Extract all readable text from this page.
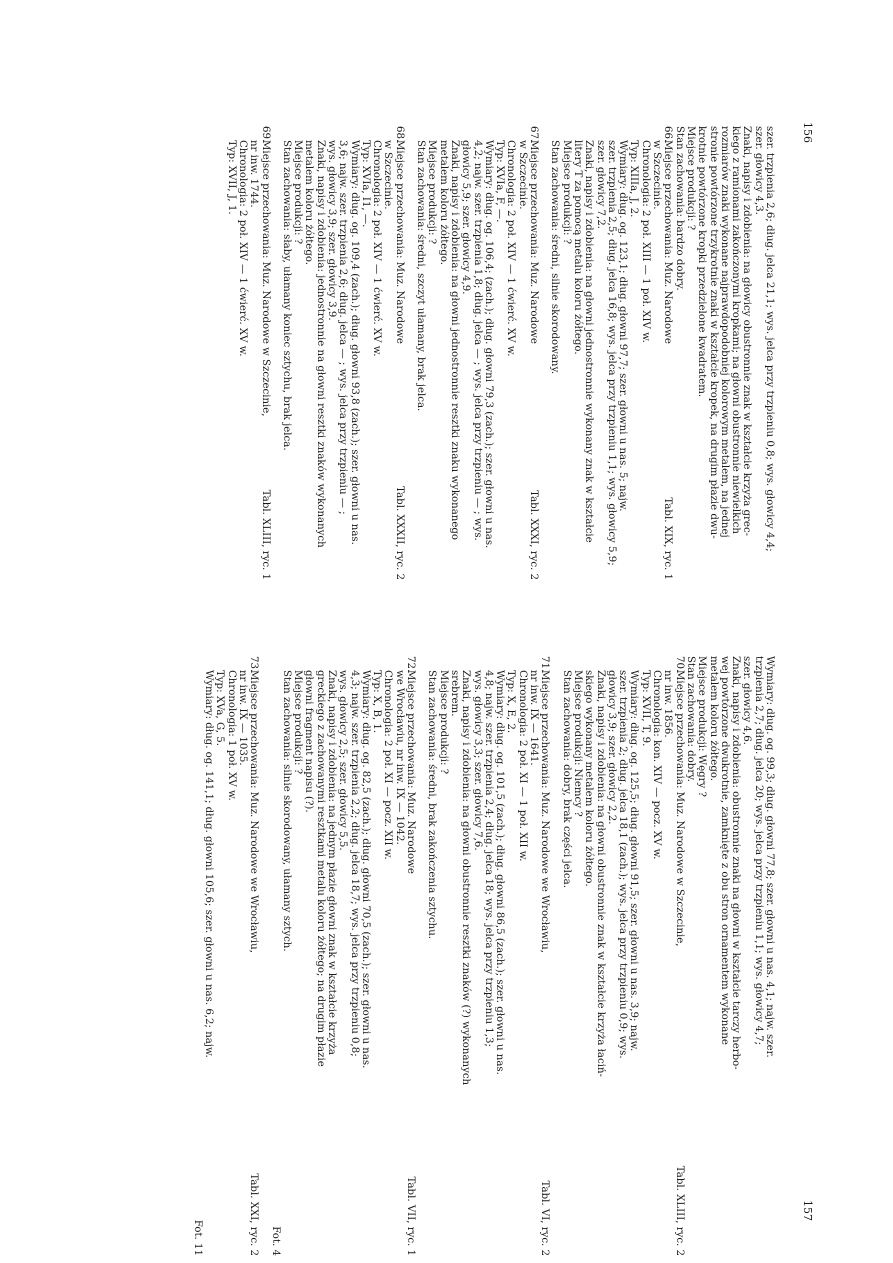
156

szer. trzpienia 2,6; dług. jelca 21,1; wys. jelca przy trzpieniu 0,8; wys. głowicy 4,4;

szer. głowicy 4,3.

Znaki, napisy i zdobienia: na głowicy obustronnie znak w kształcie krzyża grec-

kiego z ramionami zakończonymi kropkami; na głowni obustronnie niewielkich

rozmiarów znaki wykonane najprawdopodobniej kolorowym metalem, na jednej

stronie powtórzone trzykrotnie znaki w kształcie kropek, na drugim płazie dwu-

krotnie powtórzone kropki przedzielone kwadratem.

Miejsce produkcji: ?

Stan zachowania: bardzo dobry.

66.Miejsce przechowania: Muz. Narodowe
Tabl. XIX, ryc. 1

w Szczecinie.

Chronologia: 2 poł. XIII — 1 poł. XIV w.

Typ: XIIIa, J, 2.

Wymiary: dług. og. 123,1; dług. głowni 97,7; szer. głowni u nas. 5; najw.

szer. trzpienia 2,5; dług. jelca 16,8; wys. jelca przy trzpieniu 1,1; wys. głowicy 5,9;

szer. głowicy 7,2.

Znaki, napisy i zdobienia: na głowni jednostronnie wykonany znak w kształcie

litery T za pomocą metalu koloru żółtego.

Miejsce produkcji: ?

Stan zachowania: średni, silnie skorodowany.

67.Miejsce przechowania: Muz. Narodowe
Tabl. XXXI, ryc. 2

w Szczecinie.

Chronologia: 2 poł. XIV — 1 ćwierć. XV w.

Typ: XVIa, F, —.

Wymiary: dług. og. 106,4; (zach.); dług. głowni 79,3 (zach.); szer. głowni u nas.

4,2; najw. szer. trzpienia 1,8; dług. jelca — ; wys. jelca przy trzpieniu — ; wys.

głowicy 5,9; szer. głowicy 4,9.

Znaki, napisy i zdobienia: na głowni jednostronnie resztki znaku wykonanego

metalem koloru żółtego.

Miejsce produkcji: ?

Stan zachowania: średni, szczyt ułamany, brak jelca.

68.Miejsce przechowania: Muz. Narodowe
Tabl. XXXII, ryc. 2

w Szczecinie.

Chronologia: 2 poł. XIV — 1 ćwierć. XV w.

Typ: XVIa, I1, —.

Wymiary: dług. og. 109,4 (zach.); dług. głowni 93,8 (zach.); szer. głowni u nas.

3,6; najw. szer. trzpienia 2,6; dług. jelca — ; wys. jelca przy trzpieniu — ;

wys. głowicy 3,9; szer. głowicy 3,9.

Znaki, napisy i zdobienia: jednostronnie na głowni resztki znaków wykonanych

metalem koloru żółtego.

Miejsce produkcji: ?

Stan zachowania: słaby, ułamany koniec sztychu, brak jelca.

69.Miejsce przechowania: Muz. Narodowe w Szczecinie,
Tabl. XLIII, ryc. 1

nr inw. 1744.

Chronologia: 2 poł. XIV — 1 ćwierć. XV w.

Typ: XVII, J, 1.

157

Wymiary: dług. og. 99,3; dług. głowni 77,8; szer. głowni u nas. 4,1; najw. szer.

trzpienia 2,7; dług. jelca 20; wys. jelca przy trzpieniu 1,1; wys. głowicy 4,7;

szer. głowicy 4,6.

Znaki, napisy i zdobienia: obustronnie znaki na głowni w kształcie tarczy herbo-

wej powtórzone dwukrotnie, zamknięte z obu stron ornamentem wykonane

metalem koloru żółtego.

Miejsce produkcji: Węgry ?

Stan zachowania: dobry.

70.Miejsce przechowania: Muz. Narodowe w Szczecinie,
Tabl. XLIII, ryc. 2

nr inw. 1856.

Chronologia: kon. XIV — pocz. XV w.

Typ: XVII, T, 9.

Wymiary: dług. og. 125,5; dług. głowni 91,5; szer. głowni u nas. 3,9; najw.

szer. trzpienia 2; dług. jelca 18,1 (zach.); wys. jelca przy trzpieniu 0,9; wys.

głowicy 3,9; szer. głowicy 2,2.

Znaki, napisy i zdobienia: na głowni obustronnie znak w kształcie krzyża łaciń-

skiego wykonany metalem koloru żółtego.

Miejsce produkcji: Niemcy ?

Stan zachowania: dobry, brak części jelca.

71.Miejsce przechowania: Muz. Narodowe we Wrocławiu,
Tabl. VI, ryc. 2

nr inw. IX — 1641.

Chronologia: 2 poł. XI — 1 poł. XII w.

Typ: X, E, 2.

Wymiary: dług. og. 101,5 (zach.); dług. głowni 86,5 (zach.); szer. głowni u nas.

4,8; najw. szer. trzpienia 2,4; dług. jelca 18; wys. jelca przy trzpieniu 1,3;

wys. głowicy 3,3; szer. głowicy 7,6.

Znaki, napisy i zdobienia: na głowni obustronnie resztki znaków (?) wykonanych

srebrem.

Miejsce produkcji: ?

Stan zachowania: średni, brak zakończenia sztychu.

72.Miejsce przechowania: Muz. Narodowe
Tabl. VII, ryc. 1

we Wrocławiu, nr inw. IX — 1042.

Chronologia: 2 poł. XI — pocz. XII w.

Typ: X, B, 1.

Wymiary: dług. og. 82,5 (zach.); dług. głowni 70,5 (zach.); szer. głowni u nas.

4,3; najw. szer. trzpienia 2,2; dług. jelca 18,7; wys. jelca przy trzpieniu 0,8;

wys. głowicy 2,5; szer. głowicy 5,5.

Znaki, napisy i zdobienia: na jednym płazie głowni znak w kształcie krzyża

greckiego z zachowanymi resztkami metalu koloru żółtego; na drugim płazie

głowni fragment napisu (?).

Miejsce produkcji: ?

Stan zachowania: silnie skorodowany, ułamany sztych.

Fot. 4

73.Miejsce przechowania: Muz. Narodowe we Wrocławiu,
Tabl. XXI, ryc. 2

nr inw. IX — 1035.

Chronologia: 1 poł. XV w.

Typ: XVa, G, 5.

Wymiary: dług. og. 141,1; dług. głowni 105,6; szer. głowni u nas. 6,2; najw.

Fot. 11
